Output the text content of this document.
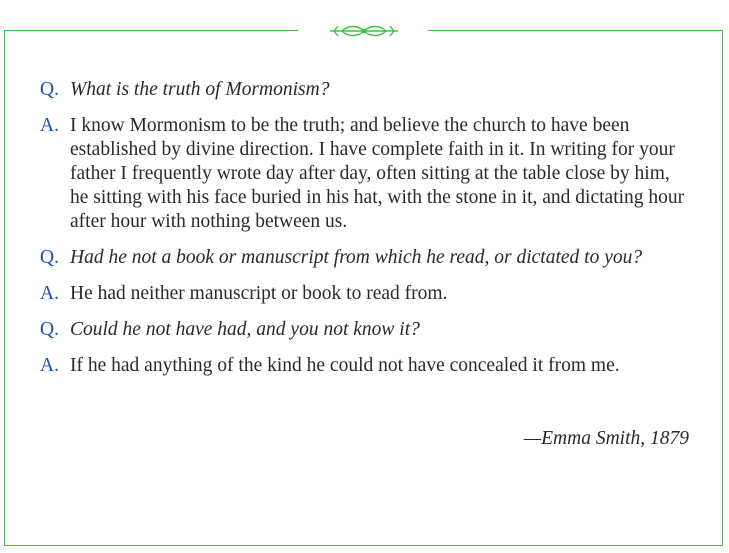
Q. What is the truth of Mormonism?
A. I know Mormonism to be the truth; and believe the church to have been established by divine direction. I have complete faith in it. In writing for your father I frequently wrote day after day, often sitting at the table close by him, he sitting with his face buried in his hat, with the stone in it, and dictating hour after hour with nothing between us.
Q. Had he not a book or manuscript from which he read, or dictated to you?
A. He had neither manuscript or book to read from.
Q. Could he not have had, and you not know it?
A. If he had anything of the kind he could not have concealed it from me.
—Emma Smith, 1879
